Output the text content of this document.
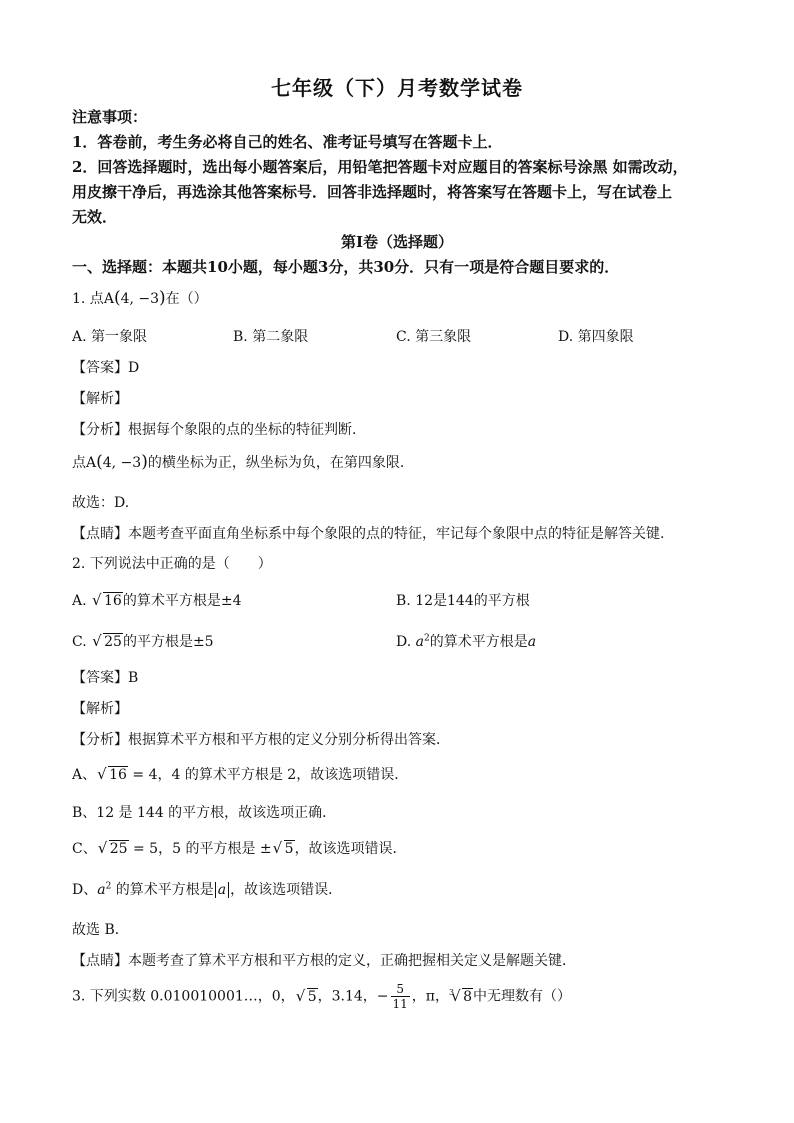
七年级（下）月考数学试卷
注意事项：
1．答卷前，考生务必将自己的姓名、准考证号填写在答题卡上．
2．回答选择题时，选出每小题答案后，用铅笔把答题卡对应题目的答案标号涂黑 如需改动，
用皮擦干净后，再选涂其他答案标号．回答非选择题时，将答案写在答题卡上，写在试卷上
无效．
第Ⅰ卷（选择题）
一、选择题：本题共10小题，每小题3分，共30分．只有一项是符合题目要求的．
1. 点A(4, −3)在（）
A. 第一象限	B. 第二象限	C. 第三象限	D. 第四象限
【答案】D
【解析】
【分析】根据每个象限的点的坐标的特征判断.
点A(4, −3)的横坐标为正，纵坐标为负，在第四象限.
故选：D.
【点睛】本题考查平面直角坐标系中每个象限的点的特征，牢记每个象限中点的特征是解答关键.
2. 下列说法中正确的是（　　）
A. √ 16的算术平方根是±4	B. 12是144的平方根
C. √ 25的平方根是±5	D. $a^2$的算术平方根是a
【答案】B
【解析】
【分析】根据算术平方根和平方根的定义分别分析得出答案．
A、 √ 16 = 4，4 的算术平方根是 2，故该选项错误．
B、12 是 144 的平方根，故该选项正确．
C、 √ 25 = 5，5 的平方根是 ± √ 5，故该选项错误．
D、$a^2$ 的算术平方根是 a ，故该选项错误．
故选 B．
【点睛】本题考查了算术平方根和平方根的定义，正确把握相关定义是解题关键．
3. 下列实数 0.010010001…，0， √ 5，3.14，− $\frac{5}{11}$ ，π，$^3$ √ 8中无理数有（）
